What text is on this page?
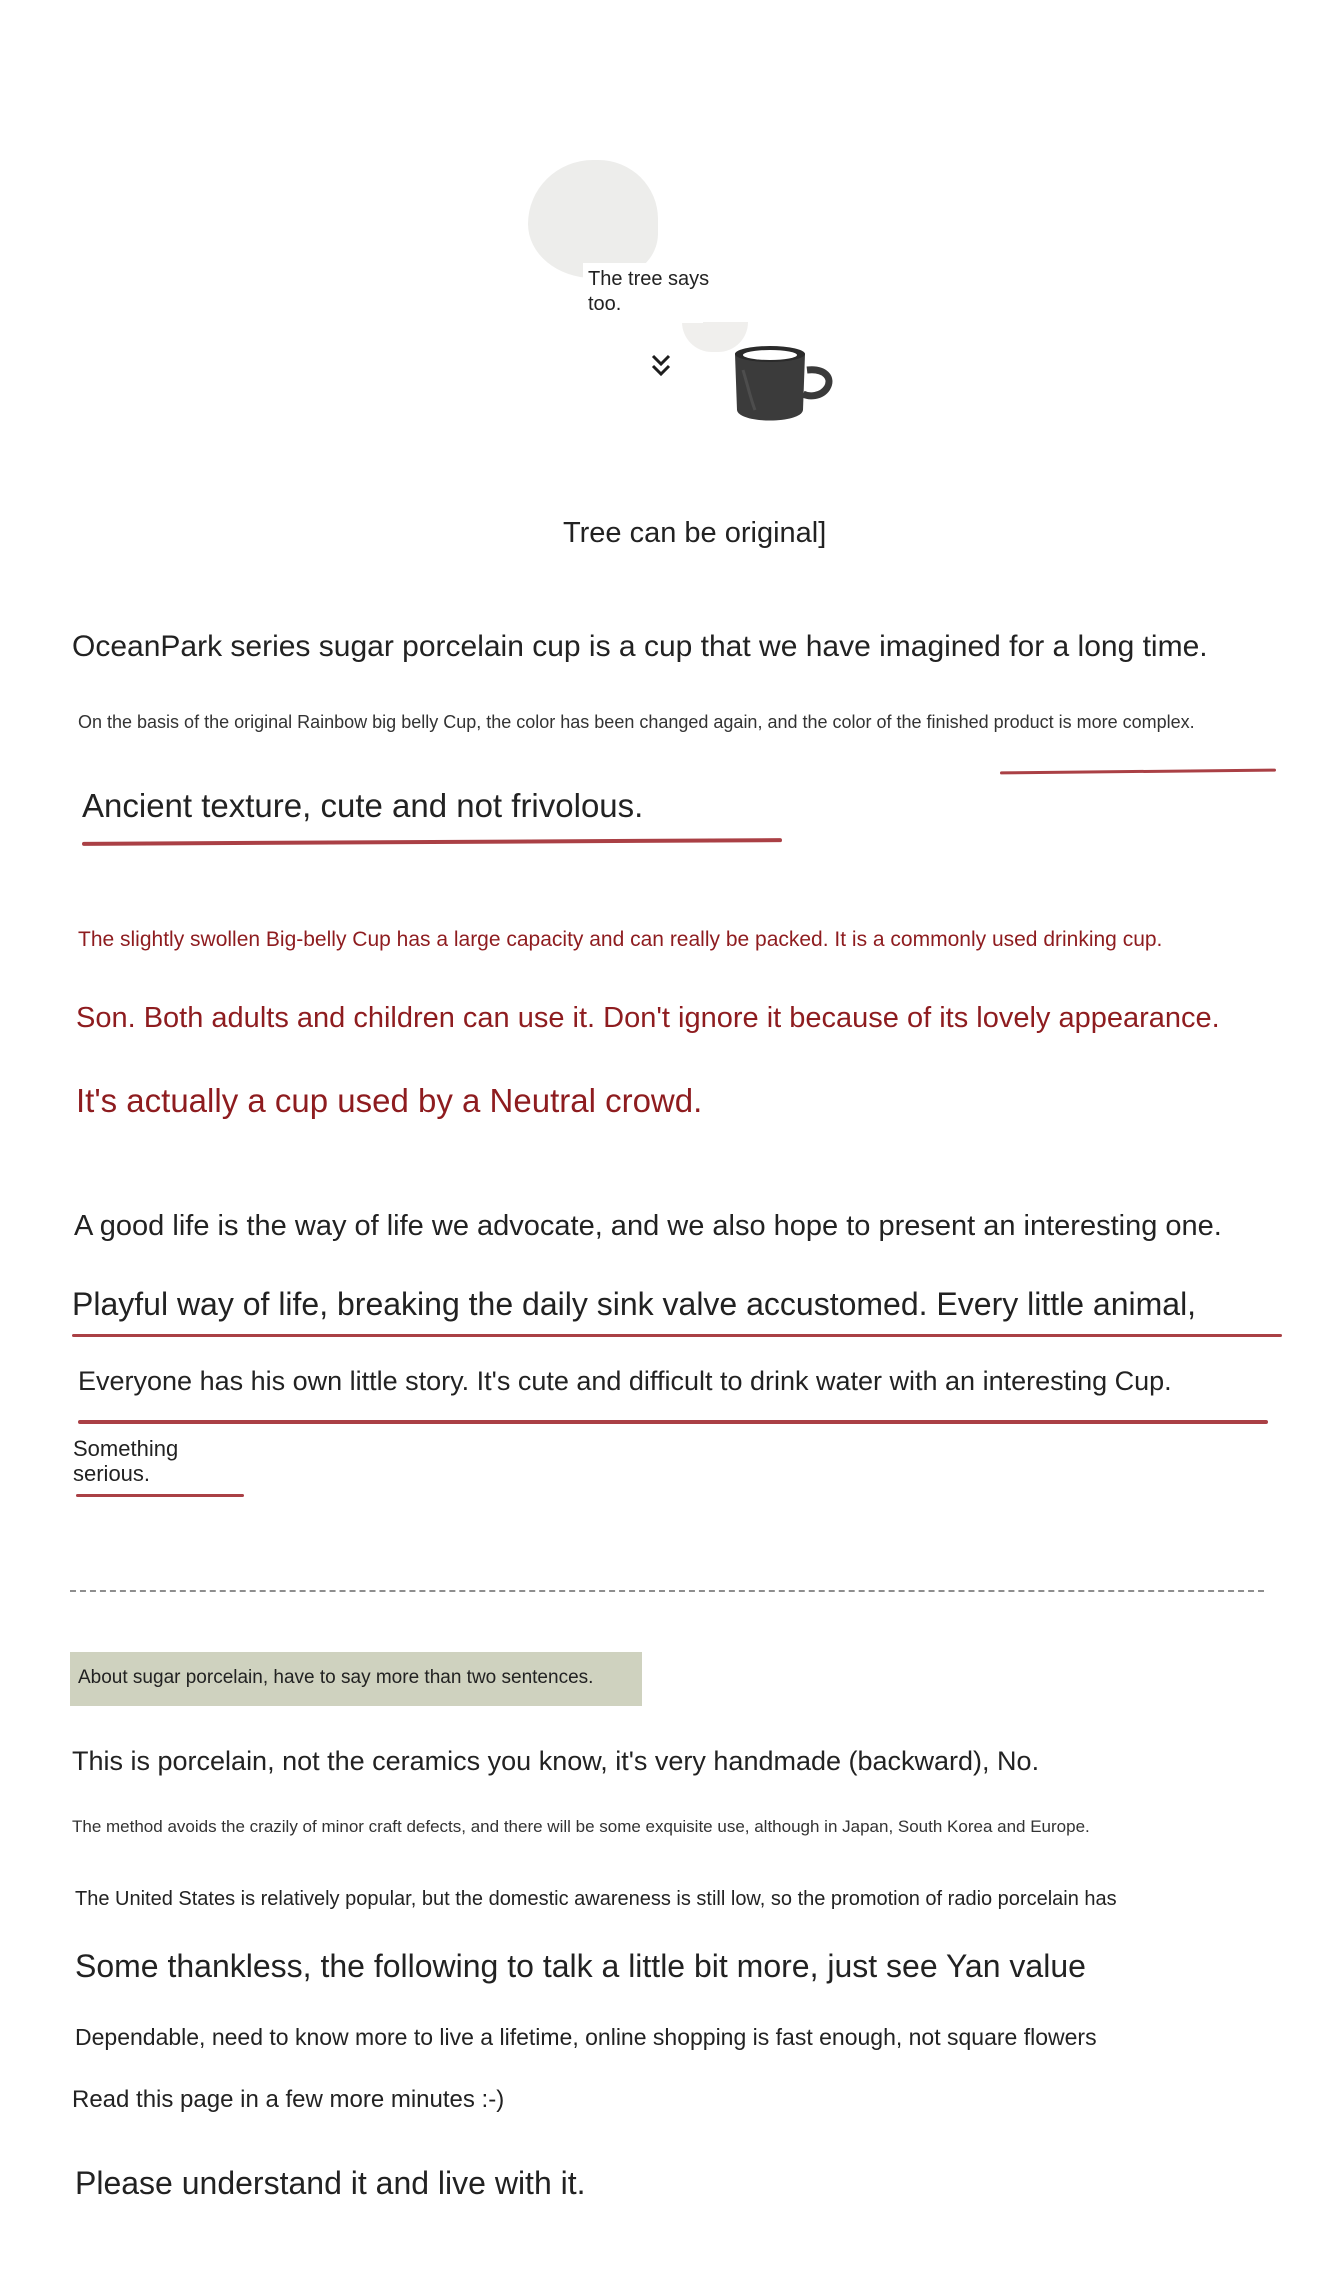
The tree says
too.
Tree can be original]
OceanPark series sugar porcelain cup is a cup that we have imagined for a long time.
On the basis of the original Rainbow big belly Cup, the color has been changed again, and the color of the finished product is more complex.
Ancient texture, cute and not frivolous.
The slightly swollen Big-belly Cup has a large capacity and can really be packed. It is a commonly used drinking cup.
Son. Both adults and children can use it. Don't ignore it because of its lovely appearance.
It's actually a cup used by a Neutral crowd.
A good life is the way of life we advocate, and we also hope to present an interesting one.
Playful way of life, breaking the daily sink valve accustomed. Every little animal,
Everyone has his own little story. It's cute and difficult to drink water with an interesting Cup.
Something
serious.
About sugar porcelain, have to say more than two sentences.
This is porcelain, not the ceramics you know, it's very handmade (backward), No.
The method avoids the crazily of minor craft defects, and there will be some exquisite use, although in Japan, South Korea and Europe.
The United States is relatively popular, but the domestic awareness is still low, so the promotion of radio porcelain has
Some thankless, the following to talk a little bit more, just see Yan value
Dependable, need to know more to live a lifetime, online shopping is fast enough, not square flowers
Read this page in a few more minutes :-)
Please understand it and live with it.
